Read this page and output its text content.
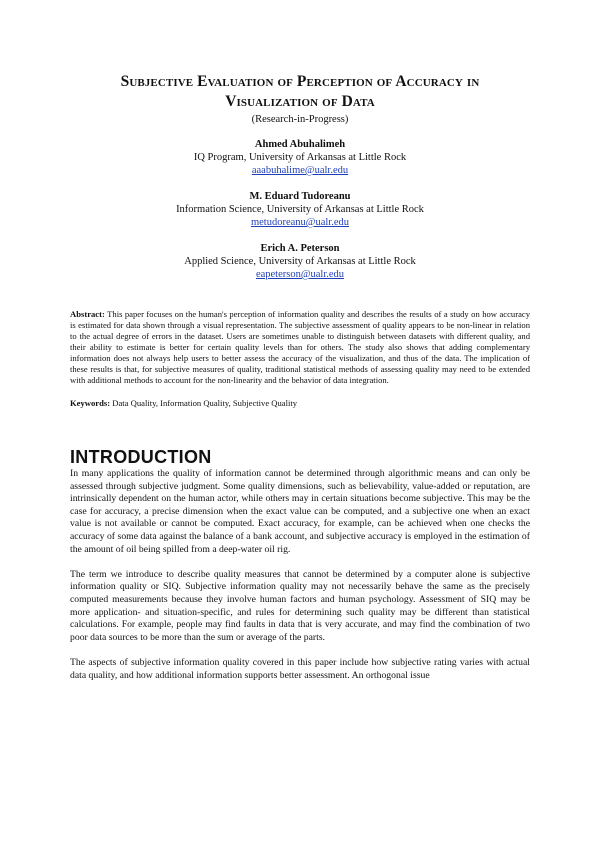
Subjective Evaluation of Perception of Accuracy in
Visualization of Data
(Research-in-Progress)
Ahmed Abuhalimeh
IQ Program, University of Arkansas at Little Rock
aaabuhalime@ualr.edu
M. Eduard Tudoreanu
Information Science, University of Arkansas at Little Rock
metudoreanu@ualr.edu
Erich A. Peterson
Applied Science, University of Arkansas at Little Rock
eapeterson@ualr.edu
Abstract: This paper focuses on the human's perception of information quality and describes the results of a study on how accuracy is estimated for data shown through a visual representation. The subjective assessment of quality appears to be non-linear in relation to the actual degree of errors in the dataset. Users are sometimes unable to distinguish between datasets with different quality, and their ability to estimate is better for certain quality levels than for others. The study also shows that adding complementary information does not always help users to better assess the accuracy of the visualization, and thus of the data. The implication of these results is that, for subjective measures of quality, traditional statistical methods of assessing quality may need to be extended with additional methods to account for the non-linearity and the behavior of data integration.
Keywords: Data Quality, Information Quality, Subjective Quality
INTRODUCTION

In many applications the quality of information cannot be determined through algorithmic means and can only be assessed through subjective judgment. Some quality dimensions, such as believability, value-added or reputation, are intrinsically dependent on the human actor, while others may in certain situations become subjective. This may be the case for accuracy, a precise dimension when the exact value can be computed, and a subjective one when an exact value is not available or cannot be computed. Exact accuracy, for example, can be achieved when one checks the accuracy of some data against the balance of a bank account, and subjective accuracy is employed in the estimation of the amount of oil being spilled from a deep-water oil rig.

The term we introduce to describe quality measures that cannot be determined by a computer alone is subjective information quality or SIQ. Subjective information quality may not necessarily behave the same as the precisely computed measurements because they involve human factors and human psychology. Assessment of SIQ may be more application- and situation-specific, and rules for determining such quality may be different than statistical calculations. For example, people may find faults in data that is very accurate, and may find the combination of two poor data sources to be more than the sum or average of the parts.

The aspects of subjective information quality covered in this paper include how subjective rating varies with actual data quality, and how additional information supports better assessment. An orthogonal issue
